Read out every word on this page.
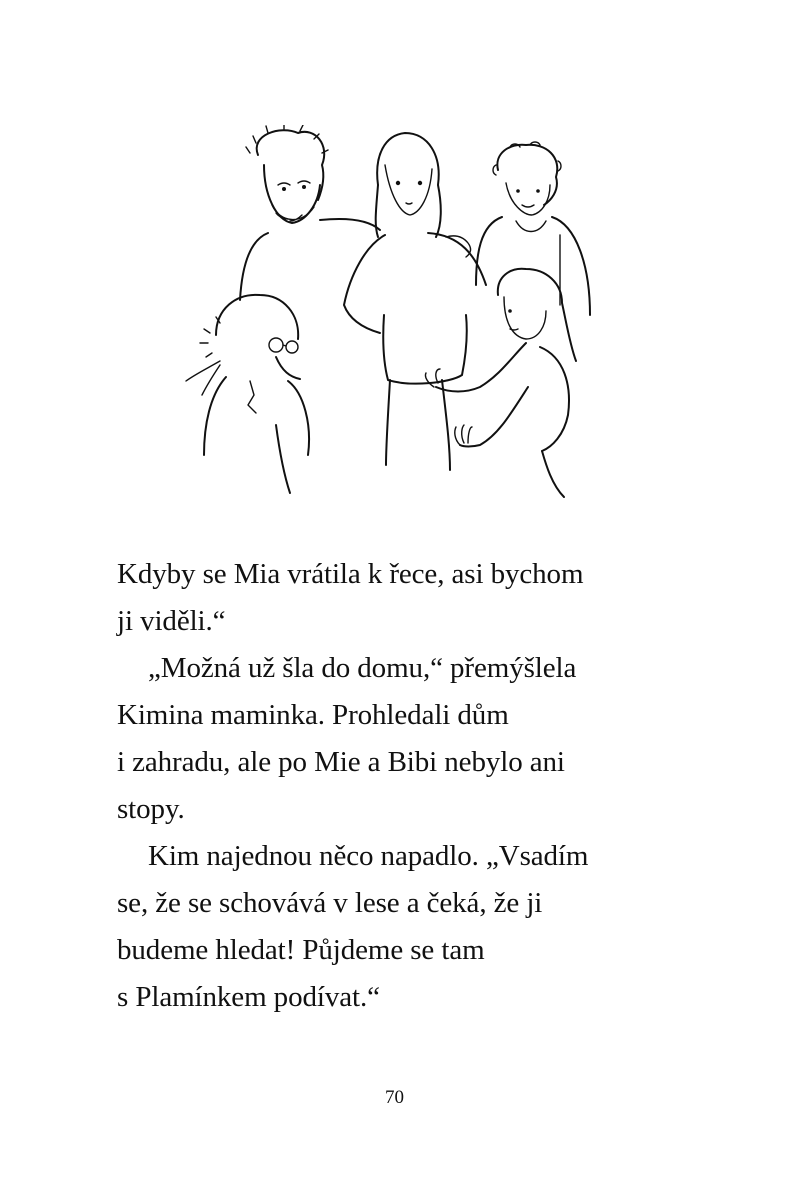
Kdyby se Mia vrátila k řece, asi bychom
ji viděli.“
„Možná už šla do domu,“ přemýšlela
Kimina maminka. Prohledali dům
i zahradu, ale po Mie a Bibi nebylo ani
stopy.
Kim najednou něco napadlo. „Vsadím
se, že se schovává v lese a čeká, že ji
budeme hledat! Půjdeme se tam
s Plamínkem podívat.“
70
